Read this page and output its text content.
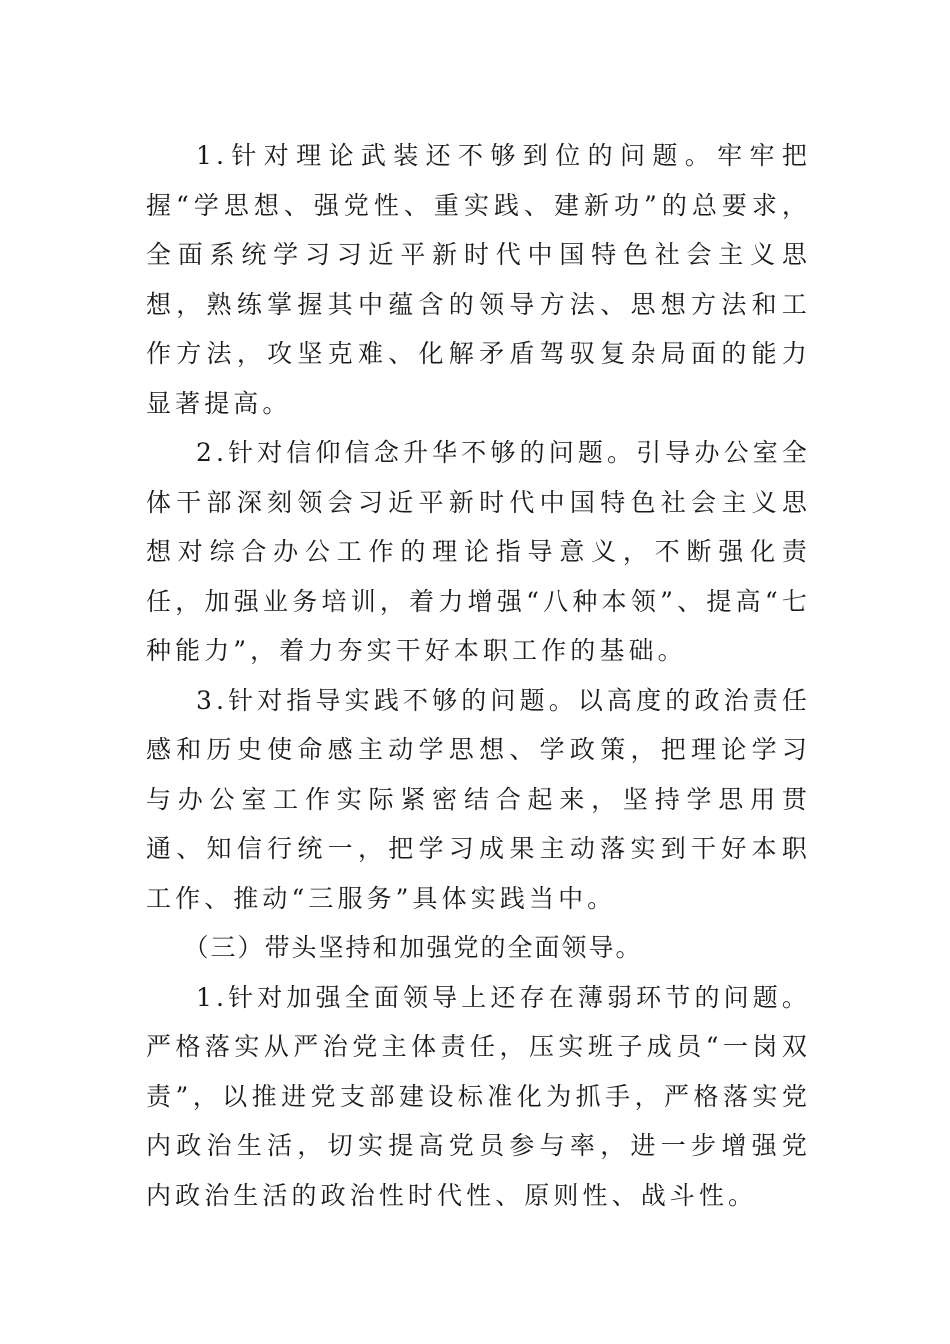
1.针对理论武装还不够到位的问题。牢牢把握“学思想、强党性、重实践、建新功”的总要求，全面系统学习习近平新时代中国特色社会主义思想，熟练掌握其中蕴含的领导方法、思想方法和工作方法，攻坚克难、化解矛盾驾驭复杂局面的能力显著提高。

2.针对信仰信念升华不够的问题。引导办公室全体干部深刻领会习近平新时代中国特色社会主义思想对综合办公工作的理论指导意义，不断强化责任，加强业务培训，着力增强“八种本领”、提高“七种能力”，着力夯实干好本职工作的基础。

3.针对指导实践不够的问题。以高度的政治责任感和历史使命感主动学思想、学政策，把理论学习与办公室工作实际紧密结合起来，坚持学思用贯通、知信行统一，把学习成果主动落实到干好本职工作、推动“三服务”具体实践当中。

（三）带头坚持和加强党的全面领导。

1.针对加强全面领导上还存在薄弱环节的问题。严格落实从严治党主体责任，压实班子成员“一岗双责”，以推进党支部建设标准化为抓手，严格落实党内政治生活，切实提高党员参与率，进一步增强党内政治生活的政治性时代性、原则性、战斗性。
